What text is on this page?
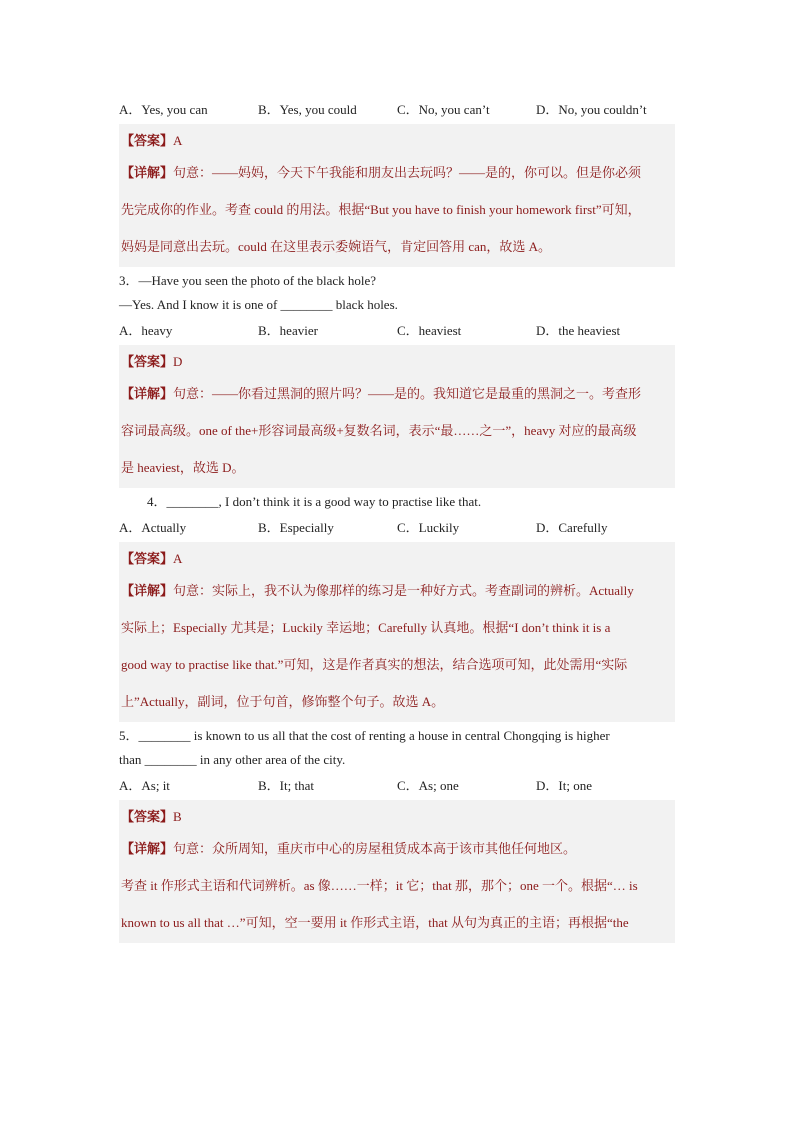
A．Yes, you can	B．Yes, you could	C．No, you can’t	D．No, you couldn’t
【答案】A
【详解】句意：——妈妈，今天下午我能和朋友出去玩吗？——是的，你可以。但是你必须
先完成你的作业。考查 could 的用法。根据“But you have to finish your homework first”可知，
妈妈是同意出去玩。could 在这里表示委婉语气，肯定回答用 can，故选 A。

3．—Have you seen the photo of the black hole?

—Yes. And I know it is one of ________ black holes.

A．heavy	B．heavier	C．heaviest	D．the heaviest
【答案】D
【详解】句意：——你看过黑洞的照片吗？——是的。我知道它是最重的黑洞之一。考查形
容词最高级。one of the+形容词最高级+复数名词，表示“最……之一”，heavy 对应的最高级
是 heaviest，故选 D。

4．________, I don’t think it is a good way to practise like that.

A．Actually	B．Especially	C．Luckily	D．Carefully
【答案】A
【详解】句意：实际上，我不认为像那样的练习是一种好方式。考查副词的辨析。Actually
实际上；Especially 尤其是；Luckily 幸运地；Carefully 认真地。根据“I don’t think it is a
good way to practise like that.”可知，这是作者真实的想法，结合选项可知，此处需用“实际
上”Actually，副词，位于句首，修饰整个句子。故选 A。

5．________ is known to us all that the cost of renting a house in central Chongqing is higher

than ________ in any other area of the city.

A．As; it	B．It; that	C．As; one	D．It; one
【答案】B
【详解】句意：众所周知，重庆市中心的房屋租赁成本高于该市其他任何地区。
考查 it 作形式主语和代词辨析。as 像……一样；it 它；that 那，那个；one 一个。根据“… is
known to us all that …”可知，空一要用 it 作形式主语，that 从句为真正的主语；再根据“the
